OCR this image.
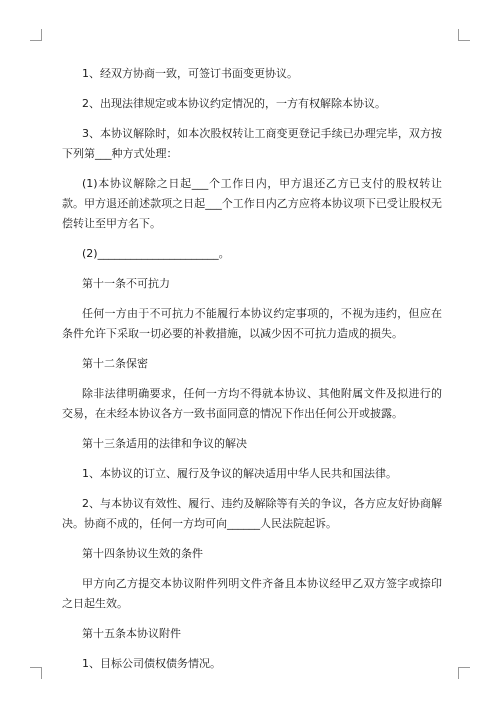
1、经双方协商一致，可签订书面变更协议。

2、出现法律规定或本协议约定情况的，一方有权解除本协议。

3、本协议解除时，如本次股权转让工商变更登记手续已办理完毕，双方按下列第___种方式处理：

(1)本协议解除之日起___个工作日内，甲方退还乙方已支付的股权转让款。甲方退还前述款项之日起___个工作日内乙方应将本协议项下已受让股权无偿转让至甲方名下。

(2)______________________。

第十一条不可抗力

任何一方由于不可抗力不能履行本协议约定事项的，不视为违约，但应在条件允许下采取一切必要的补救措施，以减少因不可抗力造成的损失。

第十二条保密

除非法律明确要求，任何一方均不得就本协议、其他附属文件及拟进行的交易，在未经本协议各方一致书面同意的情况下作出任何公开或披露。

第十三条适用的法律和争议的解决

1、本协议的订立、履行及争议的解决适用中华人民共和国法律。

2、与本协议有效性、履行、违约及解除等有关的争议，各方应友好协商解决。协商不成的，任何一方均可向______人民法院起诉。

第十四条协议生效的条件

甲方向乙方提交本协议附件列明文件齐备且本协议经甲乙双方签字或捺印之日起生效。

第十五条本协议附件

1、目标公司债权债务情况。
